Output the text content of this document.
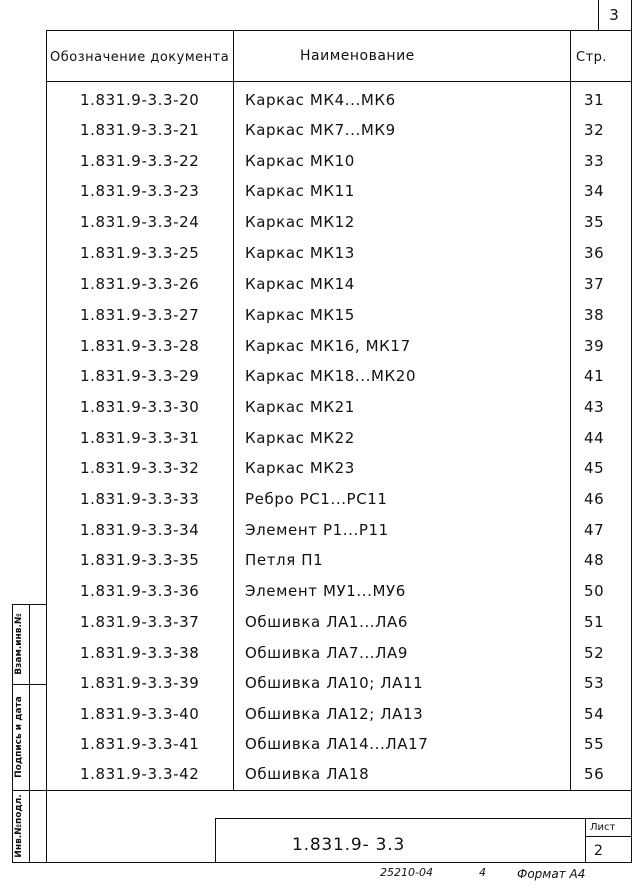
3
Обозначение документа	Наименование	Стр.
1.831.9-3.3-20	Каркас МК4...МК6	31
1.831.9-3.3-21	Каркас МК7...МК9	32
1.831.9-3.3-22	Каркас МК10	33
1.831.9-3.3-23	Каркас МК11	34
1.831.9-3.3-24	Каркас МК12	35
1.831.9-3.3-25	Каркас МК13	36
1.831.9-3.3-26	Каркас МК14	37
1.831.9-3.3-27	Каркас МК15	38
1.831.9-3.3-28	Каркас МК16, МК17	39
1.831.9-3.3-29	Каркас МК18...МК20	41
1.831.9-3.3-30	Каркас МК21	43
1.831.9-3.3-31	Каркас МК22	44
1.831.9-3.3-32	Каркас МК23	45
1.831.9-3.3-33	Ребро РС1...РС11	46
1.831.9-3.3-34	Элемент Р1...Р11	47
1.831.9-3.3-35	Петля П1	48
1.831.9-3.3-36	Элемент МУ1...МУ6	50
1.831.9-3.3-37	Обшивка ЛА1...ЛА6	51
1.831.9-3.3-38	Обшивка ЛА7...ЛА9	52
1.831.9-3.3-39	Обшивка ЛА10; ЛА11	53
1.831.9-3.3-40	Обшивка ЛА12; ЛА13	54
1.831.9-3.3-41	Обшивка ЛА14...ЛА17	55
1.831.9-3.3-42	Обшивка ЛА18	56
Взам.инв.№
Подпись и дата
Инв.№подл.	1.831.9- 3.3
Лист
2
25210-04	4	Формат А4
